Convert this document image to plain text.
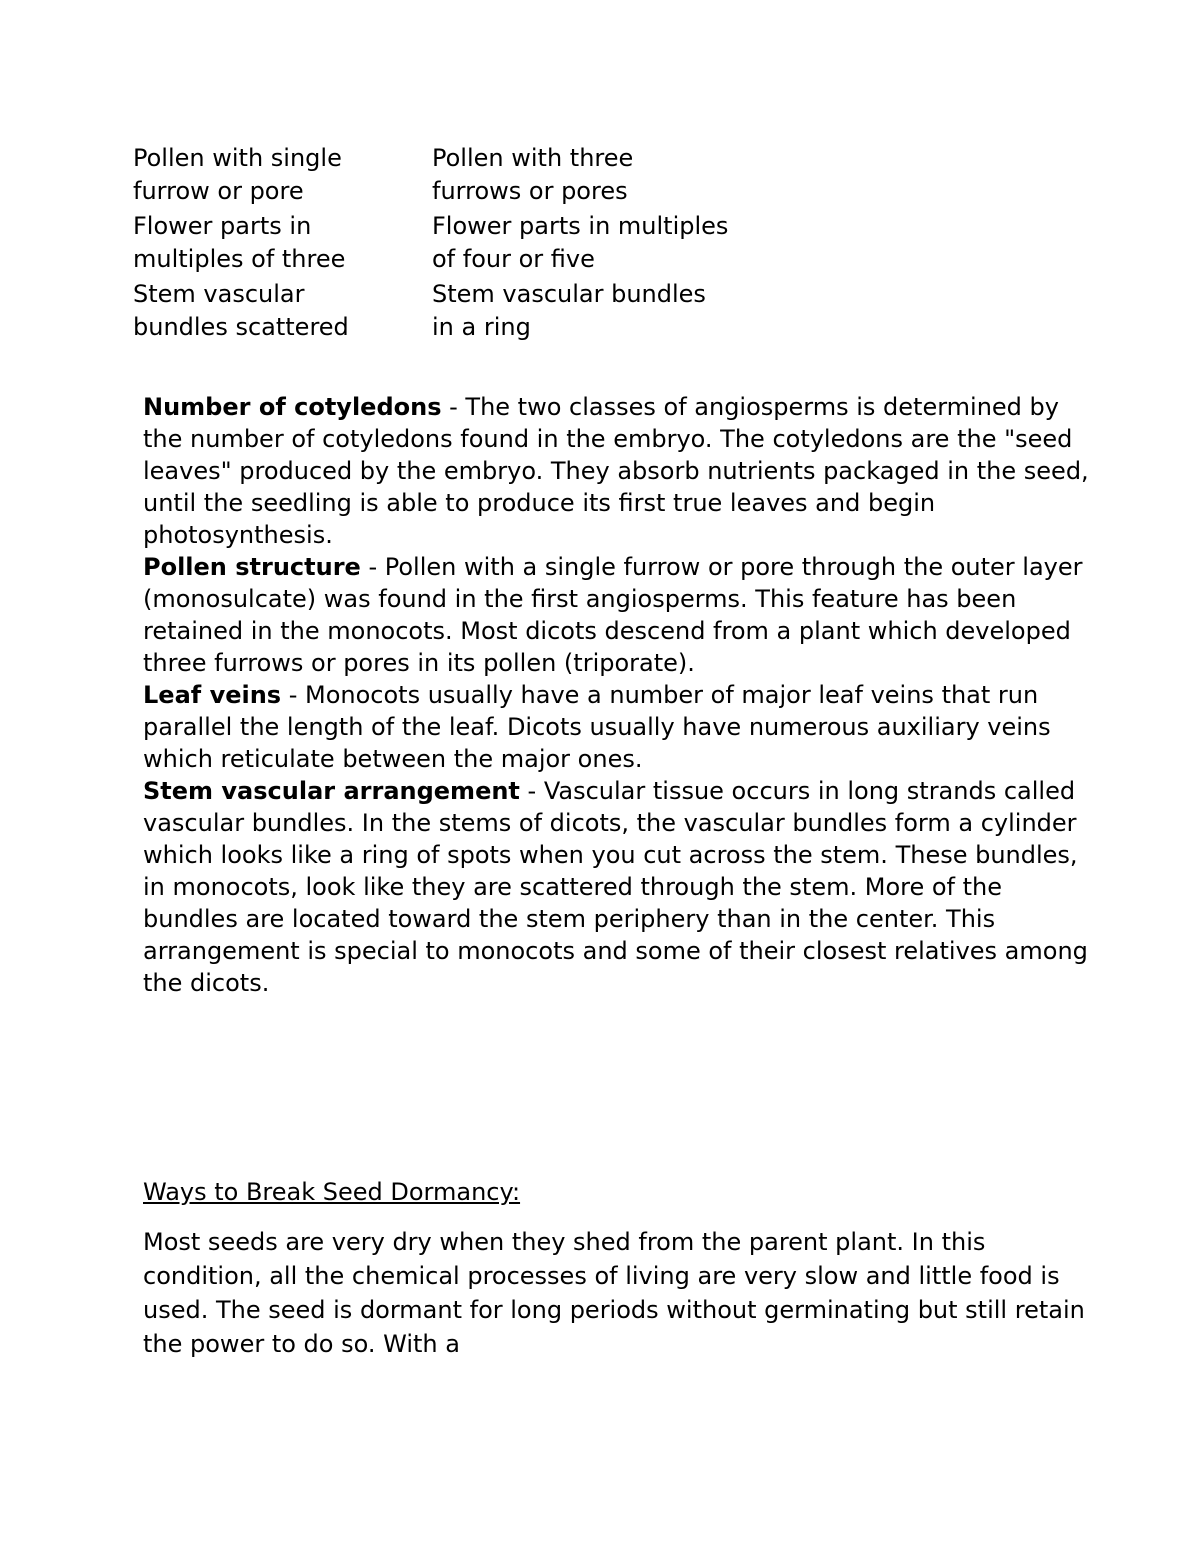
Pollen with single
furrow or pore	Pollen with three
furrows or pores

Flower parts in
multiples of three	Flower parts in multiples
of four or five

Stem vascular
bundles scattered	Stem vascular bundles
in a ring

Number of cotyledons - The two classes of angiosperms is determined by the number of cotyledons found in the embryo. The cotyledons are the "seed leaves" produced by the embryo. They absorb nutrients packaged in the seed, until the seedling is able to produce its first true leaves and begin photosynthesis.

Pollen structure - Pollen with a single furrow or pore through the outer layer (monosulcate) was found in the first angiosperms. This feature has been retained in the monocots. Most dicots descend from a plant which developed three furrows or pores in its pollen (triporate).

Leaf veins - Monocots usually have a number of major leaf veins that run parallel the length of the leaf. Dicots usually have numerous auxiliary veins which reticulate between the major ones.

Stem vascular arrangement - Vascular tissue occurs in long strands called vascular bundles. In the stems of dicots, the vascular bundles form a cylinder which looks like a ring of spots when you cut across the stem. These bundles, in monocots, look like they are scattered through the stem. More of the bundles are located toward the stem periphery than in the center. This arrangement is special to monocots and some of their closest relatives among the dicots.

Ways to Break Seed Dormancy:

Most seeds are very dry when they shed from the parent plant. In this condition, all the chemical processes of living are very slow and little food is used. The seed is dormant for long periods without germinating but still retain the power to do so. With a
